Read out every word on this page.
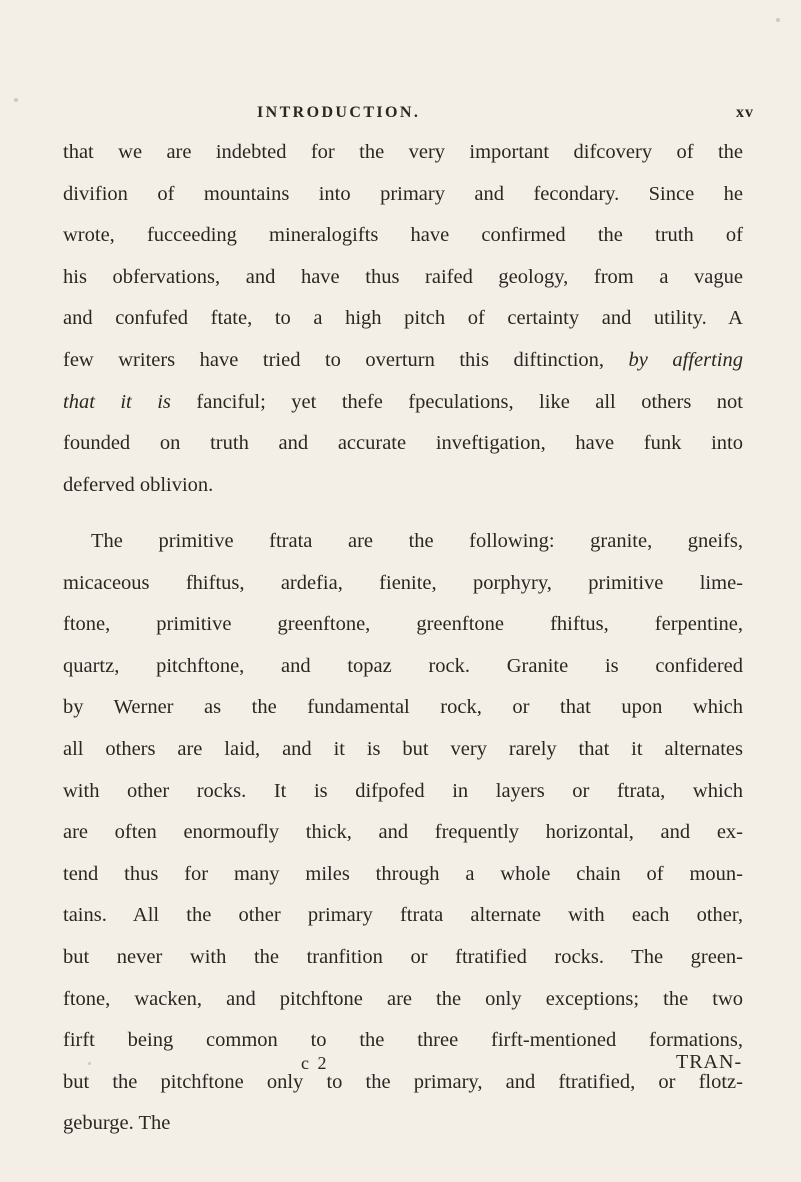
INTRODUCTION.	xv
that we are indebted for the very important difcovery of the
divifion of mountains into primary and fecondary. Since he
wrote, fucceeding mineralogifts have confirmed the truth of
his obfervations, and have thus raifed geology, from a vague
and confufed ftate, to a high pitch of certainty and utility. A
few writers have tried to overturn this diftinction, by afferting
that it is fanciful; yet thefe fpeculations, like all others not
founded on truth and accurate inveftigation, have funk into
deferved oblivion.
The primitive ftrata are the following: granite, gneifs,
micaceous fhiftus, ardefia, fienite, porphyry, primitive lime-
ftone, primitive greenftone, greenftone fhiftus, ferpentine,
quartz, pitchftone, and topaz rock. Granite is confidered
by Werner as the fundamental rock, or that upon which
all others are laid, and it is but very rarely that it alternates
with other rocks. It is difpofed in layers or ftrata, which
are often enormoufly thick, and frequently horizontal, and ex-
tend thus for many miles through a whole chain of moun-
tains. All the other primary ftrata alternate with each other,
but never with the tranfition or ftratified rocks. The green-
ftone, wacken, and pitchftone are the only exceptions; the two
firft being common to the three firft-mentioned formations,
but the pitchftone only to the primary, and ftratified, or flotz-
geburge. The
c 2	TRAN-
